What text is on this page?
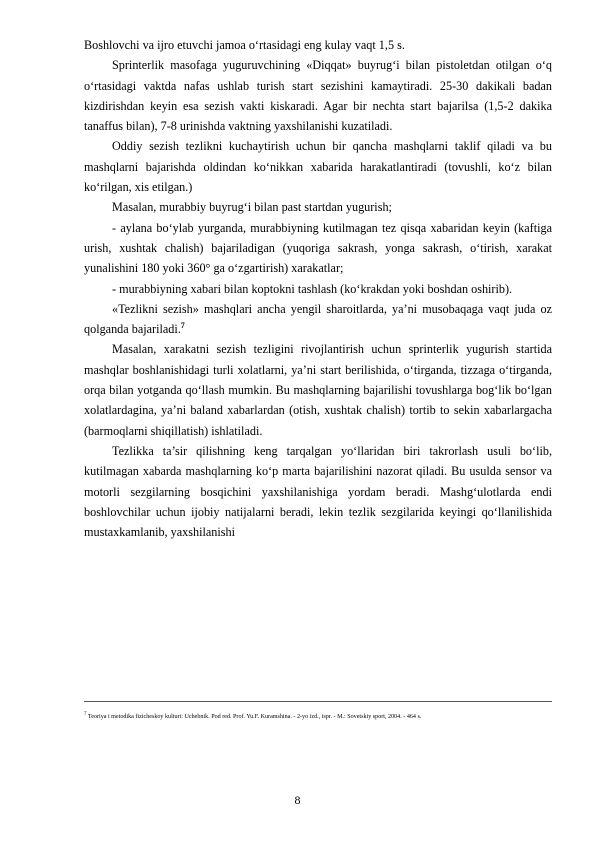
Boshlovchi va ijro etuvchi jamoa o‘rtasidagi eng kulay vaqt 1,5 s.

Sprinterlik masofaga yuguruvchining «Diqqat» buyrug‘i bilan pistoletdan otilgan o‘q o‘rtasidagi vaktda nafas ushlab turish start sezishini kamaytiradi. 25-30 dakikali badan kizdirishdan keyin esa sezish vakti kiskaradi. Agar bir nechta start bajarilsa (1,5-2 dakika tanaffus bilan), 7-8 urinishda vaktning yaxshilanishi kuzatiladi.

Oddiy sezish tezlikni kuchaytirish uchun bir qancha mashqlarni taklif qiladi va bu mashqlarni bajarishda oldindan ko‘nikkan xabarida harakatlantiradi (tovushli, ko‘z bilan ko‘rilgan, xis etilgan.)

Masalan, murabbiy buyrug‘i bilan past startdan yugurish;

- aylana bo‘ylab yurganda, murabbiyning kutilmagan tez qisqa xabaridan keyin (kaftiga urish, xushtak chalish) bajariladigan (yuqoriga sakrash, yonga sakrash, o‘tirish, xarakat yunalishini 180 yoki 360° ga o‘zgartirish) xarakatlar;

- murabbiyning xabari bilan koptokni tashlash (ko‘krakdan yoki boshdan oshirib).

«Tezlikni sezish» mashqlari ancha yengil sharoitlarda, ya’ni musobaqaga vaqt juda oz qolganda bajariladi.$^7$

Masalan, xarakatni sezish tezligini rivojlantirish uchun sprinterlik yugurish startida mashqlar boshlanishidagi turli xolatlarni, ya’ni start berilishida, o‘tirganda, tizzaga o‘tirganda, orqa bilan yotganda qo‘llash mumkin. Bu mashqlarning bajarilishi tovushlarga bog‘lik bo‘lgan xolatlardagina, ya’ni baland xabarlardan (otish, xushtak chalish) tortib to sekin xabarlargacha (barmoqlarni shiqillatish) ishlatiladi.

Tezlikka ta’sir qilishning keng tarqalgan yo‘llaridan biri takrorlash usuli bo‘lib, kutilmagan xabarda mashqlarning ko‘p marta bajarilishini nazorat qiladi. Bu usulda sensor va motorli sezgilarning bosqichini yaxshilanishiga yordam beradi. Mashg‘ulotlarda endi boshlovchilar uchun ijobiy natijalarni beradi, lekin tezlik sezgilarida keyingi qo‘llanilishida mustaxkamlanib, yaxshilanishi

$^7$ Teoriya i metodika fizicheskoy kulturi: Uchebnik. Pod red. Prof. Yu.F. Kuramshina. - 2-yo izd., ispr. - M.: Sovetskiy sport, 2004. - 464 s.
8
